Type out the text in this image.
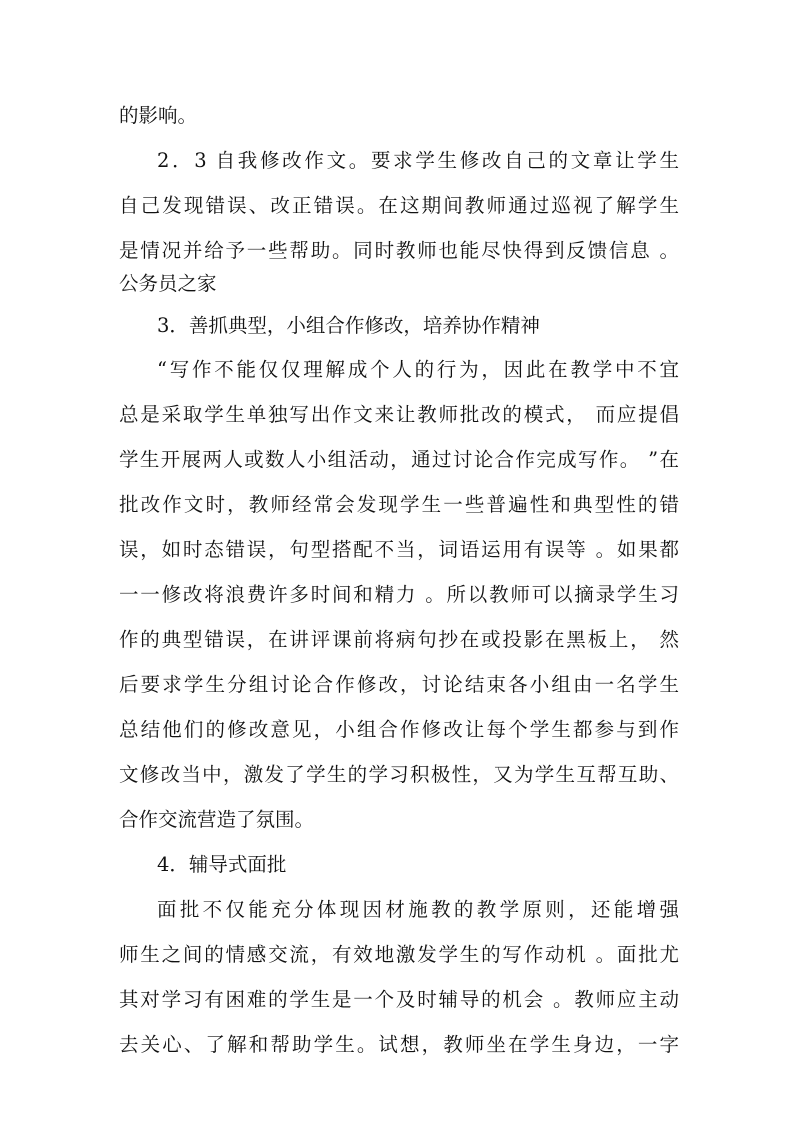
的影响。
2．3 自我修改作文。要求学生修改自己的文章让学生
自己发现错误、改正错误。在这期间教师通过巡视了解学生
是情况并给予一些帮助。同时教师也能尽快得到反馈信息 。
公务员之家
3．善抓典型，小组合作修改，培养协作精神
“写作不能仅仅理解成个人的行为，因此在教学中不宜
总是采取学生单独写出作文来让教师批改的模式， 而应提倡
学生开展两人或数人小组活动，通过讨论合作完成写作。 ”在
批改作文时，教师经常会发现学生一些普遍性和典型性的错
误，如时态错误，句型搭配不当，词语运用有误等 。如果都
一一修改将浪费许多时间和精力 。所以教师可以摘录学生习
作的典型错误，在讲评课前将病句抄在或投影在黑板上， 然
后要求学生分组讨论合作修改，讨论结束各小组由一名学生
总结他们的修改意见，小组合作修改让每个学生都参与到作
文修改当中，激发了学生的学习积极性，又为学生互帮互助、
合作交流营造了氛围。
4．辅导式面批
面批不仅能充分体现因材施教的教学原则，还能增强
师生之间的情感交流，有效地激发学生的写作动机 。面批尤
其对学习有困难的学生是一个及时辅导的机会 。教师应主动
去关心、了解和帮助学生。试想，教师坐在学生身边，一字
